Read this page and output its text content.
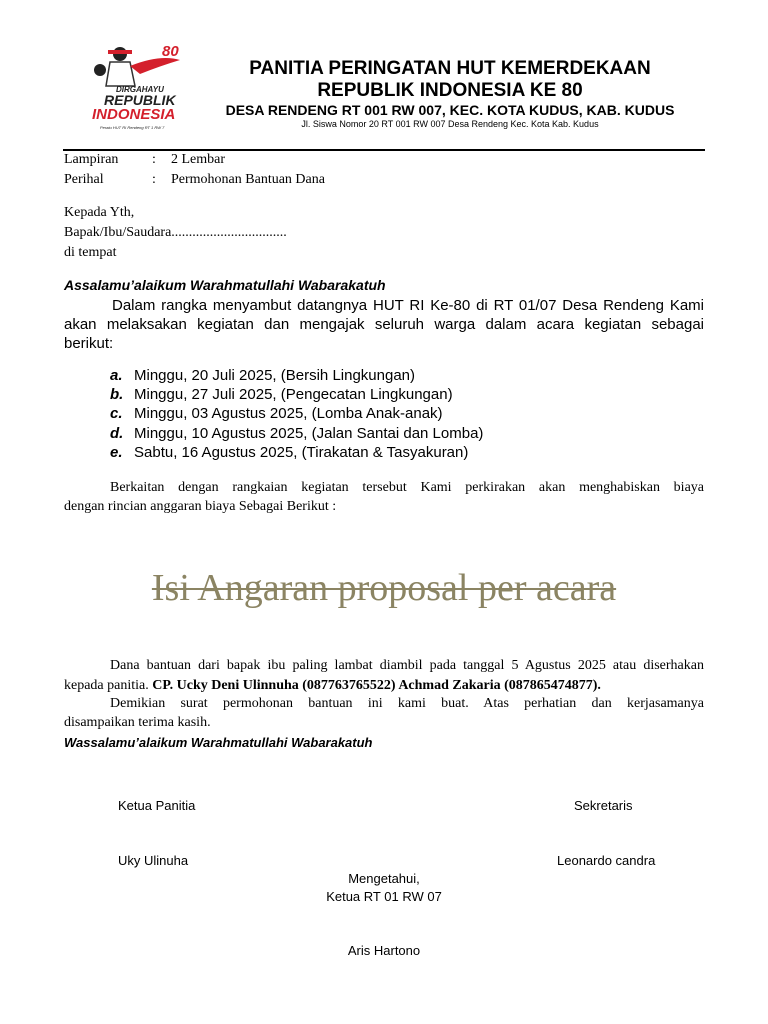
80
DIRGAHAYU
REPUBLIK
INDONESIA
Peratu HUT RI Rendeng RT 1 RW 7
PANITIA PERINGATAN HUT KEMERDEKAAN
REPUBLIK INDONESIA KE 80
DESA RENDENG RT 001 RW 007, KEC. KOTA KUDUS, KAB. KUDUS
Jl. Siswa Nomor 20 RT 001 RW 007 Desa Rendeng Kec. Kota Kab. Kudus
Lampiran : 2 Lembar
Perihal	: Permohonan Bantuan Dana
Kepada Yth,
Bapak/Ibu/Saudara.................................
di tempat
Assalamu’alaikum Warahmatullahi Wabarakatuh
Dalam rangka menyambut datangnya HUT RI Ke-80 di RT 01/07 Desa Rendeng Kami
akan melaksakan kegiatan dan mengajak seluruh warga dalam acara kegiatan sebagai
berikut:
a. Minggu, 20 Juli 2025, (Bersih Lingkungan)
b. Minggu, 27 Juli 2025, (Pengecatan Lingkungan)
c. Minggu, 03 Agustus 2025, (Lomba Anak-anak)
d. Minggu, 10 Agustus 2025, (Jalan Santai dan Lomba)
e. Sabtu, 16 Agustus 2025, (Tirakatan & Tasyakuran)
Berkaitan dengan rangkaian kegiatan tersebut Kami perkirakan akan menghabiskan biaya
dengan rincian anggaran biaya Sebagai Berikut :
Isi Angaran proposal per acara
Dana bantuan dari bapak ibu paling lambat diambil pada tanggal 5 Agustus 2025 atau diserhakan
kepada panitia. CP. Ucky Deni Ulinnuha (087763765522) Achmad Zakaria (087865474877).
Demikian surat permohonan bantuan ini kami buat. Atas perhatian dan kerjasamanya
disampaikan terima kasih.
Wassalamu’alaikum Warahmatullahi Wabarakatuh
Ketua Panitia	Sekretaris
Uky Ulinuha	Leonardo candra
Mengetahui,
Ketua RT 01 RW 07
Aris Hartono
